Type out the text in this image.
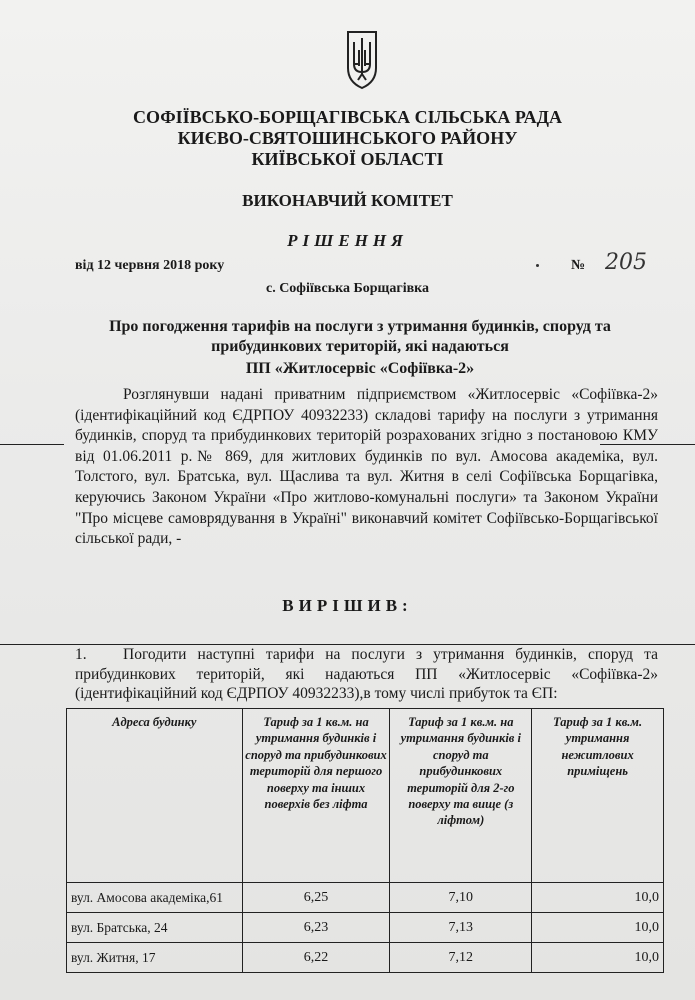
СОФІЇВСЬКО-БОРЩАГІВСЬКА СІЛЬСЬКА РАДА
КИЄВО-СВЯТОШИНСЬКОГО РАЙОНУ
КИЇВСЬКОЇ ОБЛАСТІ
ВИКОНАВЧИЙ КОМІТЕТ
РІШЕННЯ
від 12 червня 2018 року	№ 205
с. Софіївська Борщагівка
Про погодження тарифів на послуги з утримання будинків, споруд та
прибудинкових територій, які надаються
ПП «Житлосервіс «Софіївка-2»

Розглянувши надані приватним підприємством «Житлосервіс «Софіївка-2» (ідентифікаційний код ЄДРПОУ 40932233) складові тарифу на послуги з утримання будинків, споруд та прибудинкових територій розрахованих згідно з постановою КМУ від 01.06.2011 р.№ 869, для житлових будинків по вул. Амосова академіка, вул. Толстого, вул. Братська, вул. Щаслива та вул. Житня в селі Софіївська Борщагівка, керуючись Законом України «Про житлово-комунальні послуги» та Законом України "Про місцеве самоврядування в Україні" виконавчий комітет Софіївсько-Борщагівської сільської ради, -

ВИРІШИВ:
1. Погодити наступні тарифи на послуги з утримання будинків, споруд та прибудинкових територій, які надаються ПП «Житлосервіс «Софіївка-2» (ідентифікаційний код ЄДРПОУ 40932233),в тому числі прибуток та ЄП:
Адреса будинку	Тариф за 1 кв.м. на утримання будинків і споруд та прибудинкових територій для першого поверху та інших поверхів без ліфта	Тариф за 1 кв.м. на утримання будинків і споруд та прибудинкових територій для 2-го поверху та вище (з ліфтом)	Тариф за 1 кв.м. утримання нежитлових приміщень
вул. Амосова академіка,61	6,25	7,10	10,0
вул. Братська, 24	6,23	7,13	10,0
вул. Житня, 17	6,22	7,12	10,0
